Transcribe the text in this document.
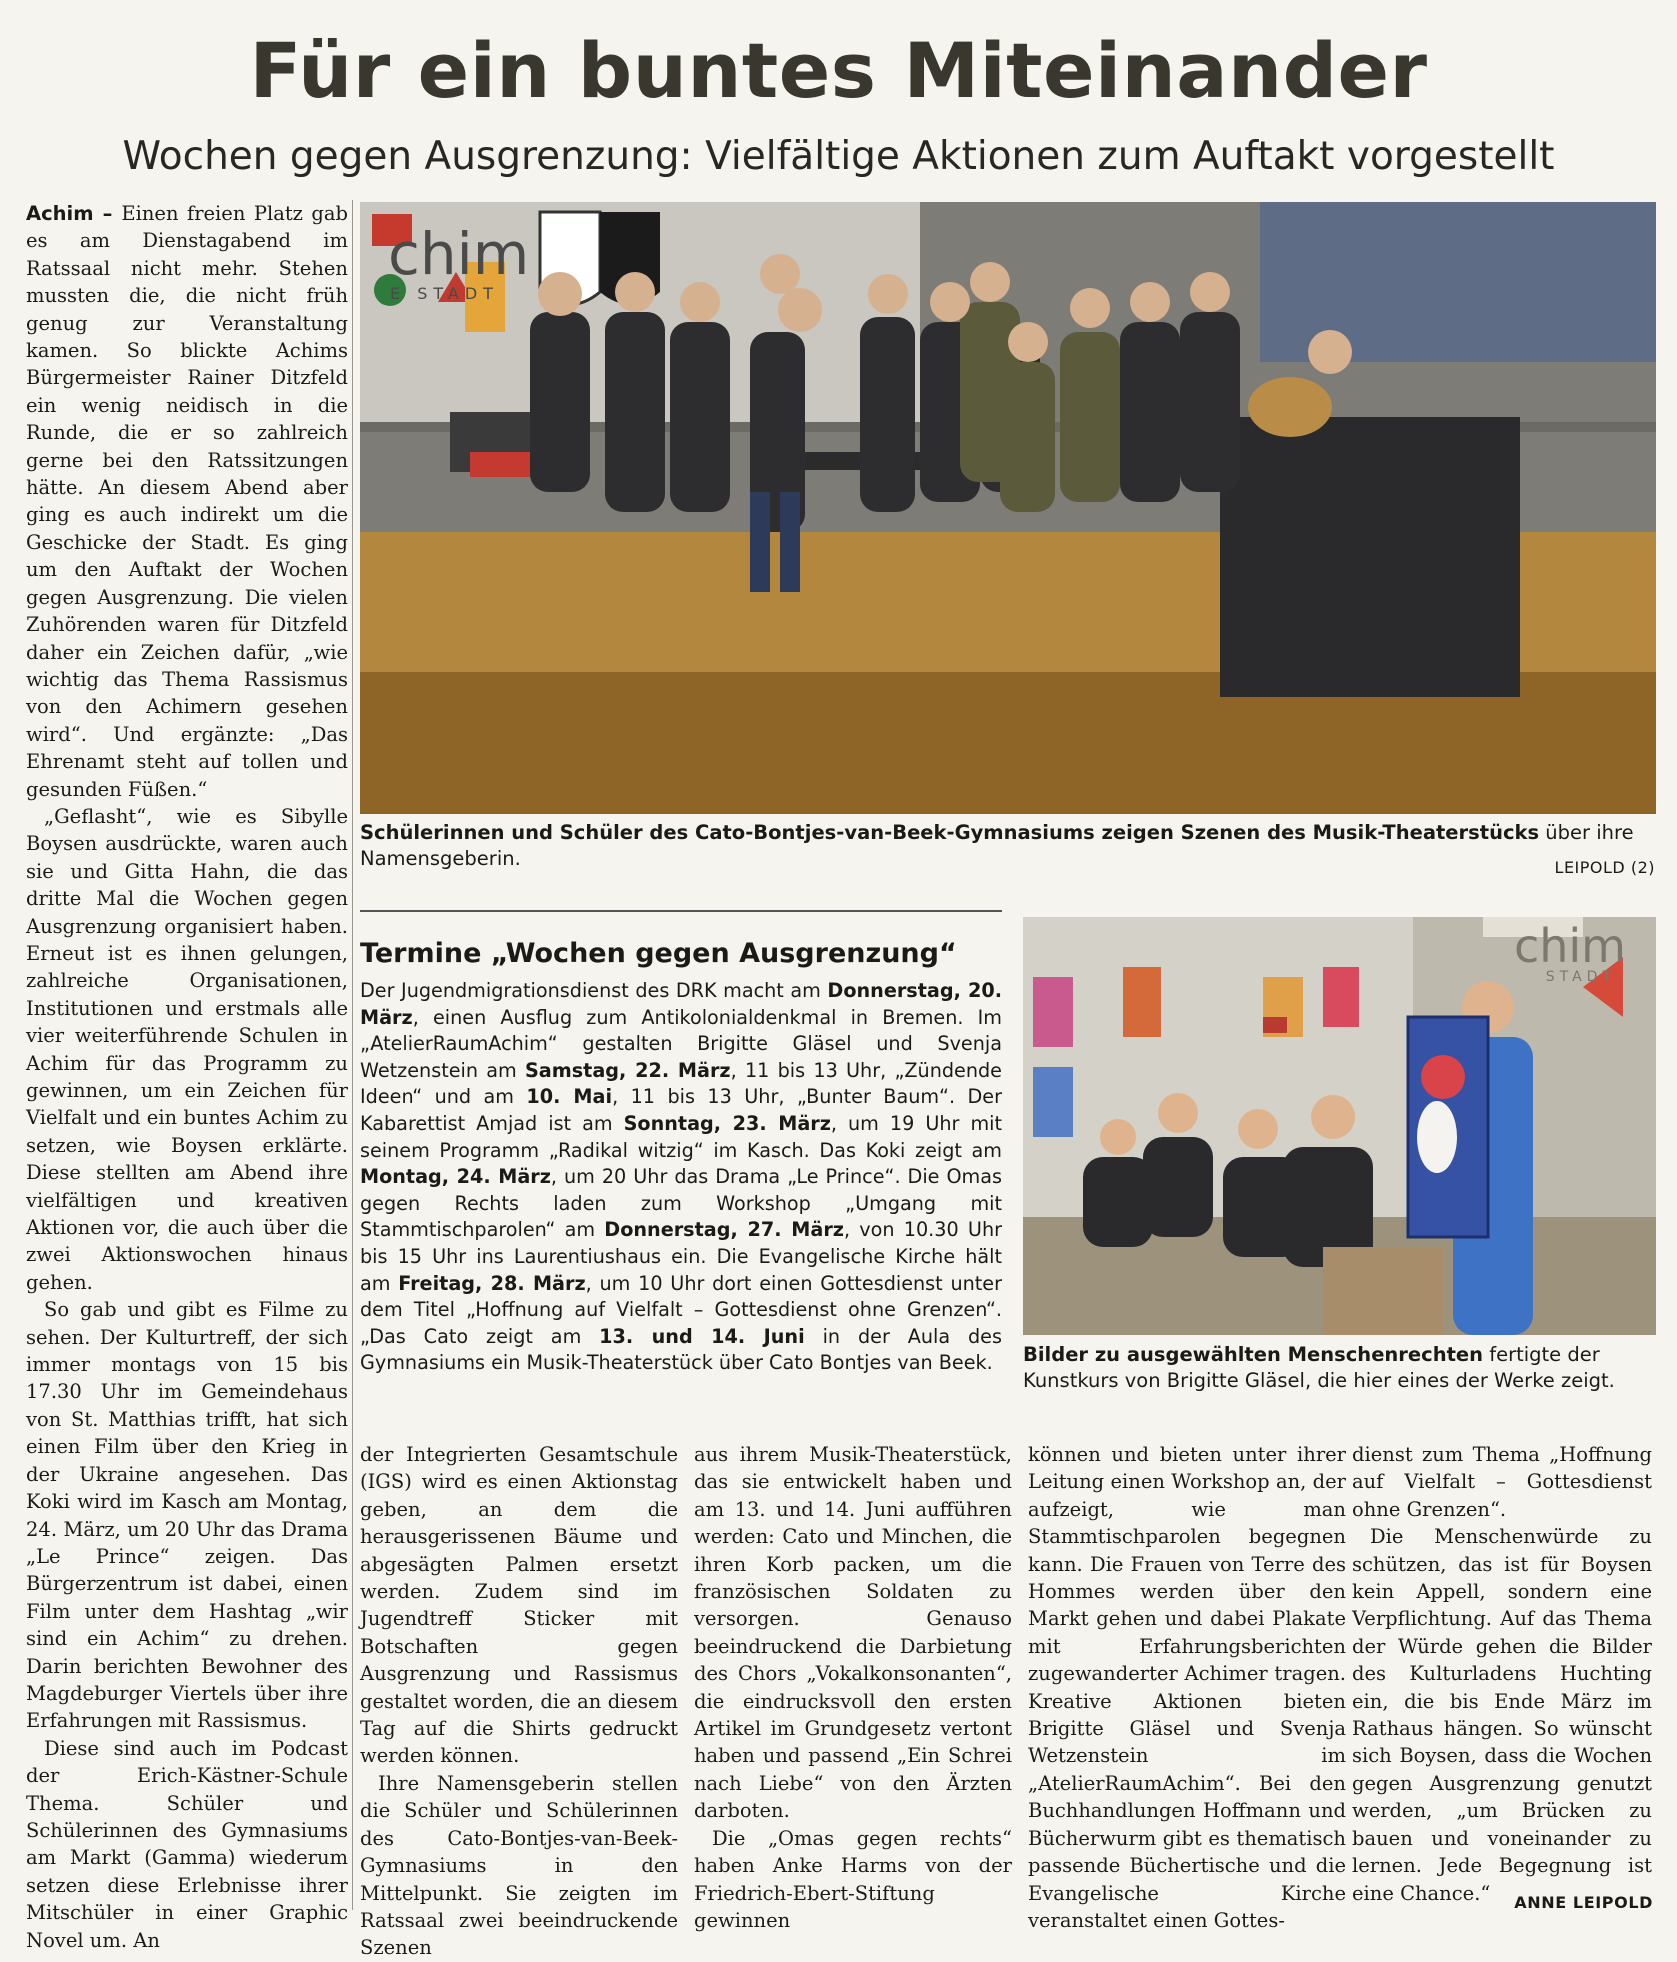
Für ein buntes Miteinander
Wochen gegen Ausgrenzung: Vielfältige Aktionen zum Auftakt vorgestellt

Achim – Einen freien Platz gab es am Dienstagabend im Ratssaal nicht mehr. Stehen mussten die, die nicht früh genug zur Veranstaltung kamen. So blickte Achims Bürgermeister Rainer Ditzfeld ein wenig neidisch in die Runde, die er so zahlreich gerne bei den Ratssitzungen hätte. An diesem Abend aber ging es auch indirekt um die Geschicke der Stadt. Es ging um den Auftakt der Wochen gegen Ausgrenzung. Die vielen Zuhörenden waren für Ditzfeld daher ein Zeichen dafür, „wie wichtig das Thema Rassismus von den Achimern gesehen wird“. Und ergänzte: „Das Ehrenamt steht auf tollen und gesunden Füßen.“

„Geflasht“, wie es Sibylle Boysen ausdrückte, waren auch sie und Gitta Hahn, die das dritte Mal die Wochen gegen Ausgrenzung organisiert haben. Erneut ist es ihnen gelungen, zahlreiche Organisationen, Institutionen und erstmals alle vier weiterführende Schulen in Achim für das Programm zu gewinnen, um ein Zeichen für Vielfalt und ein buntes Achim zu setzen, wie Boysen erklärte. Diese stellten am Abend ihre vielfältigen und kreativen Aktionen vor, die auch über die zwei Aktionswochen hinaus gehen.

So gab und gibt es Filme zu sehen. Der Kulturtreff, der sich immer montags von 15 bis 17.30 Uhr im Gemeindehaus von St. Matthias trifft, hat sich einen Film über den Krieg in der Ukraine angesehen. Das Koki wird im Kasch am Montag, 24. März, um 20 Uhr das Drama „Le Prince“ zeigen. Das Bürgerzentrum ist dabei, einen Film unter dem Hashtag „wir sind ein Achim“ zu drehen. Darin berichten Bewohner des Magdeburger Viertels über ihre Erfahrungen mit Rassismus.

Diese sind auch im Podcast der Erich-Kästner-Schule Thema. Schüler und Schülerinnen des Gymnasiums am Markt (Gamma) wiederum setzen diese Erlebnisse ihrer Mitschüler in einer Graphic Novel um. An

chim
E STADT
Schülerinnen und Schüler des Cato-Bontjes-van-Beek-Gymnasiums zeigen Szenen des Musik-Theaterstücks über ihre Namensgeberin.	LEIPOLD (2)
Termine „Wochen gegen Ausgrenzung“
Der Jugendmigrationsdienst des DRK macht am Donnerstag, 20. März, einen Ausflug zum Antikolonialdenkmal in Bremen. Im „AtelierRaumAchim“ gestalten Brigitte Gläsel und Svenja Wetzenstein am Samstag, 22. März, 11 bis 13 Uhr, „Zündende Ideen“ und am 10. Mai, 11 bis 13 Uhr, „Bunter Baum“. Der Kabarettist Amjad ist am Sonntag, 23. März, um 19 Uhr mit seinem Programm „Radikal witzig“ im Kasch. Das Koki zeigt am Montag, 24. März, um 20 Uhr das Drama „Le Prince“. Die Omas gegen Rechts laden zum Workshop „Umgang mit Stammtischparolen“ am Donnerstag, 27. März, von 10.30 Uhr bis 15 Uhr ins Laurentiushaus ein. Die Evangelische Kirche hält am Freitag, 28. März, um 10 Uhr dort einen Gottesdienst unter dem Titel „Hoffnung auf Vielfalt – Gottesdienst ohne Grenzen“. „Das Cato zeigt am 13. und 14. Juni in der Aula des Gymnasiums ein Musik-Theaterstück über Cato Bontjes van Beek.
chim
STADT
Bilder zu ausgewählten Menschenrechten fertigte der Kunstkurs von Brigitte Gläsel, die hier eines der Werke zeigt.

der Integrierten Gesamtschule (IGS) wird es einen Aktionstag geben, an dem die herausgerissenen Bäume und abgesägten Palmen ersetzt werden. Zudem sind im Jugendtreff Sticker mit Botschaften gegen Ausgrenzung und Rassismus gestaltet worden, die an diesem Tag auf die Shirts gedruckt werden können.

Ihre Namensgeberin stellen die Schüler und Schülerinnen des Cato-Bontjes-van-Beek-Gymnasiums in den Mittelpunkt. Sie zeigten im Ratssaal zwei beeindruckende Szenen

aus ihrem Musik-Theaterstück, das sie entwickelt haben und am 13. und 14. Juni aufführen werden: Cato und Minchen, die ihren Korb packen, um die französischen Soldaten zu versorgen. Genauso beeindruckend die Darbietung des Chors „Vokalkonsonanten“, die eindrucksvoll den ersten Artikel im Grundgesetz vertont haben und passend „Ein Schrei nach Liebe“ von den Ärzten darboten.

Die „Omas gegen rechts“ haben Anke Harms von der Friedrich-Ebert-Stiftung gewinnen

können und bieten unter ihrer Leitung einen Workshop an, der aufzeigt, wie man Stammtischparolen begegnen kann. Die Frauen von Terre des Hommes werden über den Markt gehen und dabei Plakate mit Erfahrungsberichten zugewanderter Achimer tragen. Kreative Aktionen bieten Brigitte Gläsel und Svenja Wetzenstein im „AtelierRaumAchim“. Bei den Buchhandlungen Hoffmann und Bücherwurm gibt es thematisch passende Büchertische und die Evangelische Kirche veranstaltet einen Gottes-

dienst zum Thema „Hoffnung auf Vielfalt – Gottesdienst ohne Grenzen“.

Die Menschenwürde zu schützen, das ist für Boysen kein Appell, sondern eine Verpflichtung. Auf das Thema der Würde gehen die Bilder des Kulturladens Huchting ein, die bis Ende März im Rathaus hängen. So wünscht sich Boysen, dass die Wochen gegen Ausgrenzung genutzt werden, „um Brücken zu bauen und voneinander zu lernen. Jede Begegnung ist eine Chance.“	ANNE LEIPOLD
